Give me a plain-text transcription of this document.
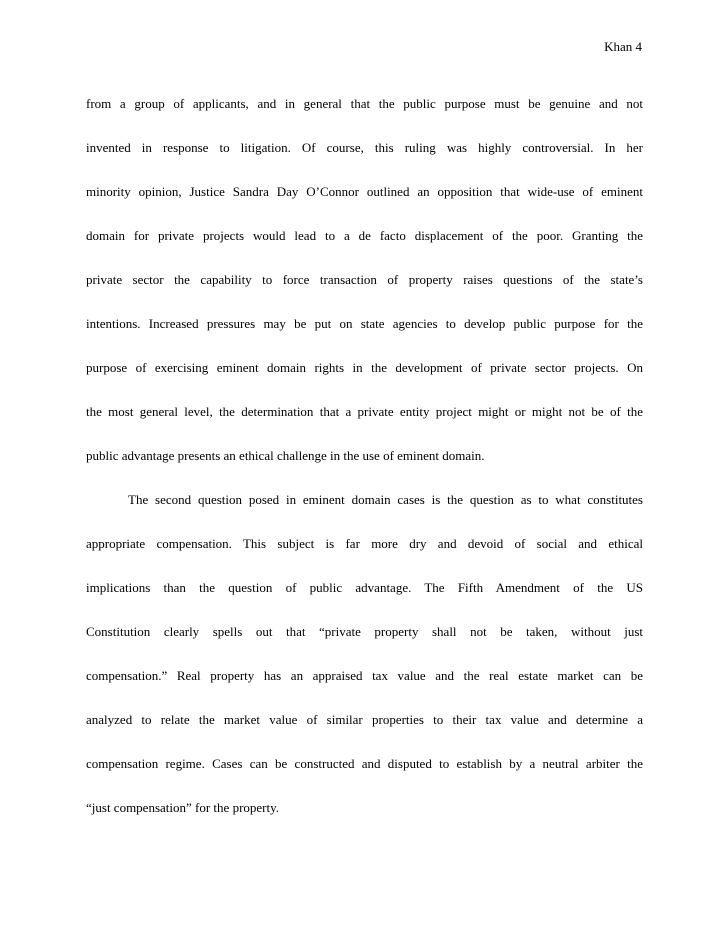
Khan 4
from a group of applicants, and in general that the public purpose must be genuine and not
invented in response to litigation. Of course, this ruling was highly controversial. In her
minority opinion, Justice Sandra Day O’Connor outlined an opposition that wide-use of eminent
domain for private projects would lead to a de facto displacement of the poor. Granting the
private sector the capability to force transaction of property raises questions of the state’s
intentions. Increased pressures may be put on state agencies to develop public purpose for the
purpose of exercising eminent domain rights in the development of private sector projects. On
the most general level, the determination that a private entity project might or might not be of the
public advantage presents an ethical challenge in the use of eminent domain.
The second question posed in eminent domain cases is the question as to what constitutes
appropriate compensation. This subject is far more dry and devoid of social and ethical
implications than the question of public advantage. The Fifth Amendment of the US
Constitution clearly spells out that “private property shall not be taken, without just
compensation.” Real property has an appraised tax value and the real estate market can be
analyzed to relate the market value of similar properties to their tax value and determine a
compensation regime. Cases can be constructed and disputed to establish by a neutral arbiter the
“just compensation” for the property.
